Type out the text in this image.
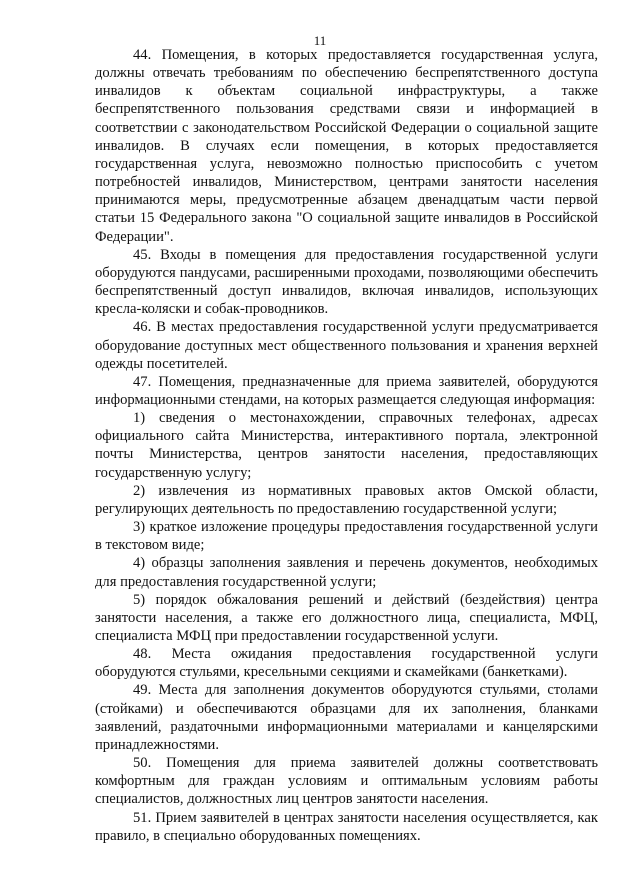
11

44. Помещения, в которых предоставляется государственная услуга, должны отвечать требованиям по обеспечению беспрепятственного доступа инвалидов к объектам социальной инфраструктуры, а также беспрепятственного пользования средствами связи и информацией в соответствии с законодательством Российской Федерации о социальной защите инвалидов. В случаях если помещения, в которых предоставляется государственная услуга, невозможно полностью приспособить с учетом потребностей инвалидов, Министерством, центрами занятости населения принимаются меры, предусмотренные абзацем двенадцатым части первой статьи 15 Федерального закона "О социальной защите инвалидов в Российской Федерации".

45. Входы в помещения для предоставления государственной услуги оборудуются пандусами, расширенными проходами, позволяющими обеспечить беспрепятственный доступ инвалидов, включая инвалидов, использующих кресла-коляски и собак-проводников.

46. В местах предоставления государственной услуги предусматривается оборудование доступных мест общественного пользования и хранения верхней одежды посетителей.

47. Помещения, предназначенные для приема заявителей, оборудуются информационными стендами, на которых размещается следующая информация:

1) сведения о местонахождении, справочных телефонах, адресах официального сайта Министерства, интерактивного портала, электронной почты Министерства, центров занятости населения, предоставляющих государственную услугу;

2) извлечения из нормативных правовых актов Омской области, регулирующих деятельность по предоставлению государственной услуги;

3) краткое изложение процедуры предоставления государственной услуги в текстовом виде;

4) образцы заполнения заявления и перечень документов, необходимых для предоставления государственной услуги;

5) порядок обжалования решений и действий (бездействия) центра занятости населения, а также его должностного лица, специалиста, МФЦ, специалиста МФЦ при предоставлении государственной услуги.

48. Места ожидания предоставления государственной услуги оборудуются стульями, кресельными секциями и скамейками (банкетками).

49. Места для заполнения документов оборудуются стульями, столами (стойками) и обеспечиваются образцами для их заполнения, бланками заявлений, раздаточными информационными материалами и канцелярскими принадлежностями.

50. Помещения для приема заявителей должны соответствовать комфортным для граждан условиям и оптимальным условиям работы специалистов, должностных лиц центров занятости населения.

51. Прием заявителей в центрах занятости населения осуществляется, как правило, в специально оборудованных помещениях.
